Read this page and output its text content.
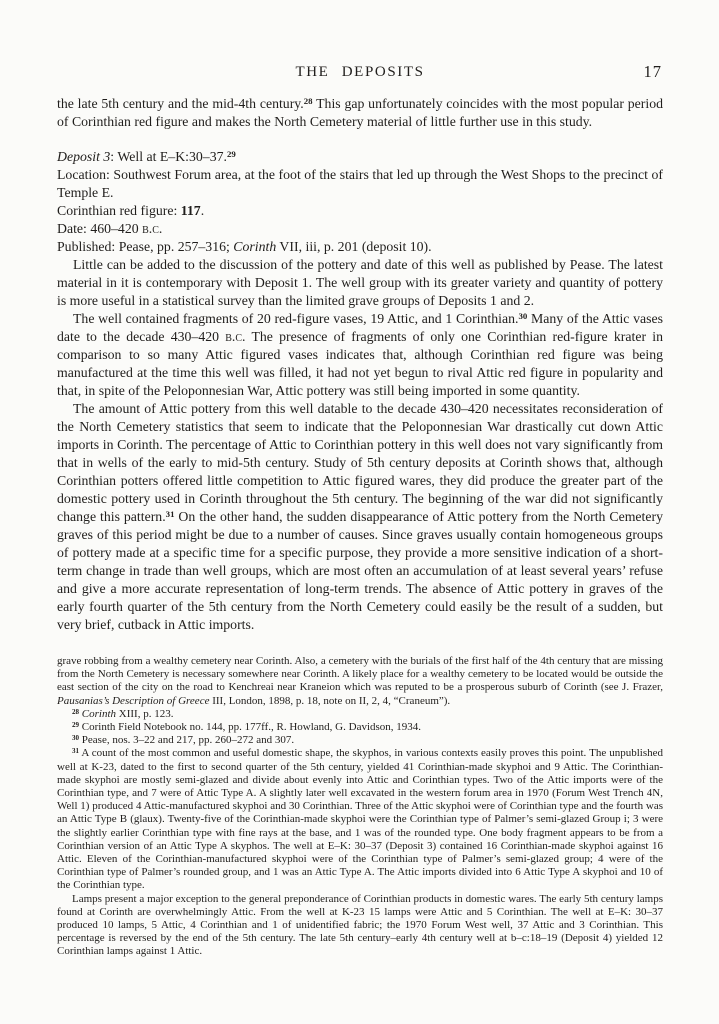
THE DEPOSITS	17

the late 5th century and the mid-4th century.$^{28}$ This gap unfortunately coincides with the most popular period of Corinthian red figure and makes the North Cemetery material of little further use in this study.

Deposit 3: Well at E–K:30–37.29

Location: Southwest Forum area, at the foot of the stairs that led up through the West Shops to the precinct of Temple E.

Corinthian red figure: 117.

Date: 460–420 b.c.

Published: Pease, pp. 257–316; Corinth VII, iii, p. 201 (deposit 10).

Little can be added to the discussion of the pottery and date of this well as published by Pease. The latest material in it is contemporary with Deposit 1. The well group with its greater variety and quantity of pottery is more useful in a statistical survey than the limited grave groups of Deposits 1 and 2.

The well contained fragments of 20 red-figure vases, 19 Attic, and 1 Corinthian.$^{30}$ Many of the Attic vases date to the decade 430–420 b.c. The presence of fragments of only one Corinthian red-figure krater in comparison to so many Attic figured vases indicates that, although Corinthian red figure was being manufactured at the time this well was filled, it had not yet begun to rival Attic red figure in popularity and that, in spite of the Peloponnesian War, Attic pottery was still being imported in some quantity.

The amount of Attic pottery from this well datable to the decade 430–420 necessitates reconsideration of the North Cemetery statistics that seem to indicate that the Peloponnesian War drastically cut down Attic imports in Corinth. The percentage of Attic to Corinthian pottery in this well does not vary significantly from that in wells of the early to mid-5th century. Study of 5th century deposits at Corinth shows that, although Corinthian potters offered little competition to Attic figured wares, they did produce the greater part of the domestic pottery used in Corinth throughout the 5th century. The beginning of the war did not significantly change this pattern.$^{31}$ On the other hand, the sudden disappearance of Attic pottery from the North Cemetery graves of this period might be due to a number of causes. Since graves usually contain homogeneous groups of pottery made at a specific time for a specific purpose, they provide a more sensitive indication of a short-term change in trade than well groups, which are most often an accumulation of at least several years’ refuse and give a more accurate representation of long-term trends. The absence of Attic pottery in graves of the early fourth quarter of the 5th century from the North Cemetery could easily be the result of a sudden, but very brief, cutback in Attic imports.

grave robbing from a wealthy cemetery near Corinth. Also, a cemetery with the burials of the first half of the 4th century that are missing from the North Cemetery is necessary somewhere near Corinth. A likely place for a wealthy cemetery to be located would be outside the east section of the city on the road to Kenchreai near Kraneion which was reputed to be a prosperous suburb of Corinth (see J. Frazer, Pausanias’s Description of Greece III, London, 1898, p. 18, note on II, 2, 4, “Craneum”).

$^{28}$ Corinth XIII, p. 123.

$^{29}$ Corinth Field Notebook no. 144, pp. 177ff., R. Howland, G. Davidson, 1934.

$^{30}$ Pease, nos. 3–22 and 217, pp. 260–272 and 307.

$^{31}$ A count of the most common and useful domestic shape, the skyphos, in various contexts easily proves this point. The unpublished well at K-23, dated to the first to second quarter of the 5th century, yielded 41 Corinthian-made skyphoi and 9 Attic. The Corinthian-made skyphoi are mostly semi-glazed and divide about evenly into Attic and Corinthian types. Two of the Attic imports were of the Corinthian type, and 7 were of Attic Type A. A slightly later well excavated in the western forum area in 1970 (Forum West Trench 4N, Well 1) produced 4 Attic-manufactured skyphoi and 30 Corinthian. Three of the Attic skyphoi were of Corinthian type and the fourth was an Attic Type B (glaux). Twenty-five of the Corinthian-made skyphoi were the Corinthian type of Palmer’s semi-glazed Group i; 3 were the slightly earlier Corinthian type with fine rays at the base, and 1 was of the rounded type. One body fragment appears to be from a Corinthian version of an Attic Type A skyphos. The well at E–K: 30–37 (Deposit 3) contained 16 Corinthian-made skyphoi against 16 Attic. Eleven of the Corinthian-manufactured skyphoi were of the Corinthian type of Palmer’s semi-glazed group; 4 were of the Corinthian type of Palmer’s rounded group, and 1 was an Attic Type A. The Attic imports divided into 6 Attic Type A skyphoi and 10 of the Corinthian type.

Lamps present a major exception to the general preponderance of Corinthian products in domestic wares. The early 5th century lamps found at Corinth are overwhelmingly Attic. From the well at K-23 15 lamps were Attic and 5 Corinthian. The well at E–K: 30–37 produced 10 lamps, 5 Attic, 4 Corinthian and 1 of unidentified fabric; the 1970 Forum West well, 37 Attic and 3 Corinthian. This percentage is reversed by the end of the 5th century. The late 5th century–early 4th century well at b–c:18–19 (Deposit 4) yielded 12 Corinthian lamps against 1 Attic.
